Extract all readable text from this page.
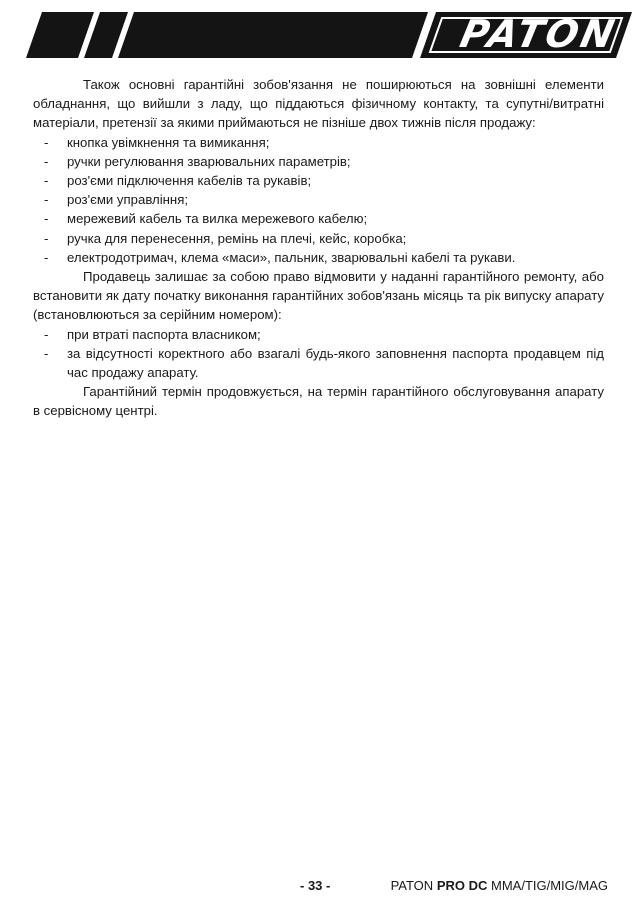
PATON

Також основні гарантійні зобов'язання не поширюються на зовнішні елементи обладнання, що вийшли з ладу, що піддаються фізичному контакту, та супутні/витратні матеріали, претензії за якими приймаються не пізніше двох тижнів після продажу:

- кнопка увімкнення та вимикання;
- ручки регулювання зварювальних параметрів;
- роз'єми підключення кабелів та рукавів;
- роз'єми управління;
- мережевий кабель та вилка мережевого кабелю;
- ручка для перенесення, ремінь на плечі, кейс, коробка;
- електродотримач, клема «маси», пальник, зварювальні кабелі та рукави.

Продавець залишає за собою право відмовити у наданні гарантійного ремонту, або встановити як дату початку виконання гарантійних зобов'язань місяць та рік випуску апарату (встановлюються за серійним номером):

- при втраті паспорта власником;
- за відсутності коректного або взагалі будь-якого заповнення паспорта продавцем під час продажу апарату.

Гарантійний термін продовжується, на термін гарантійного обслуговування апарату в сервісному центрі.

- 33 -	PATON PRO DC MMA/TIG/MIG/MAG
